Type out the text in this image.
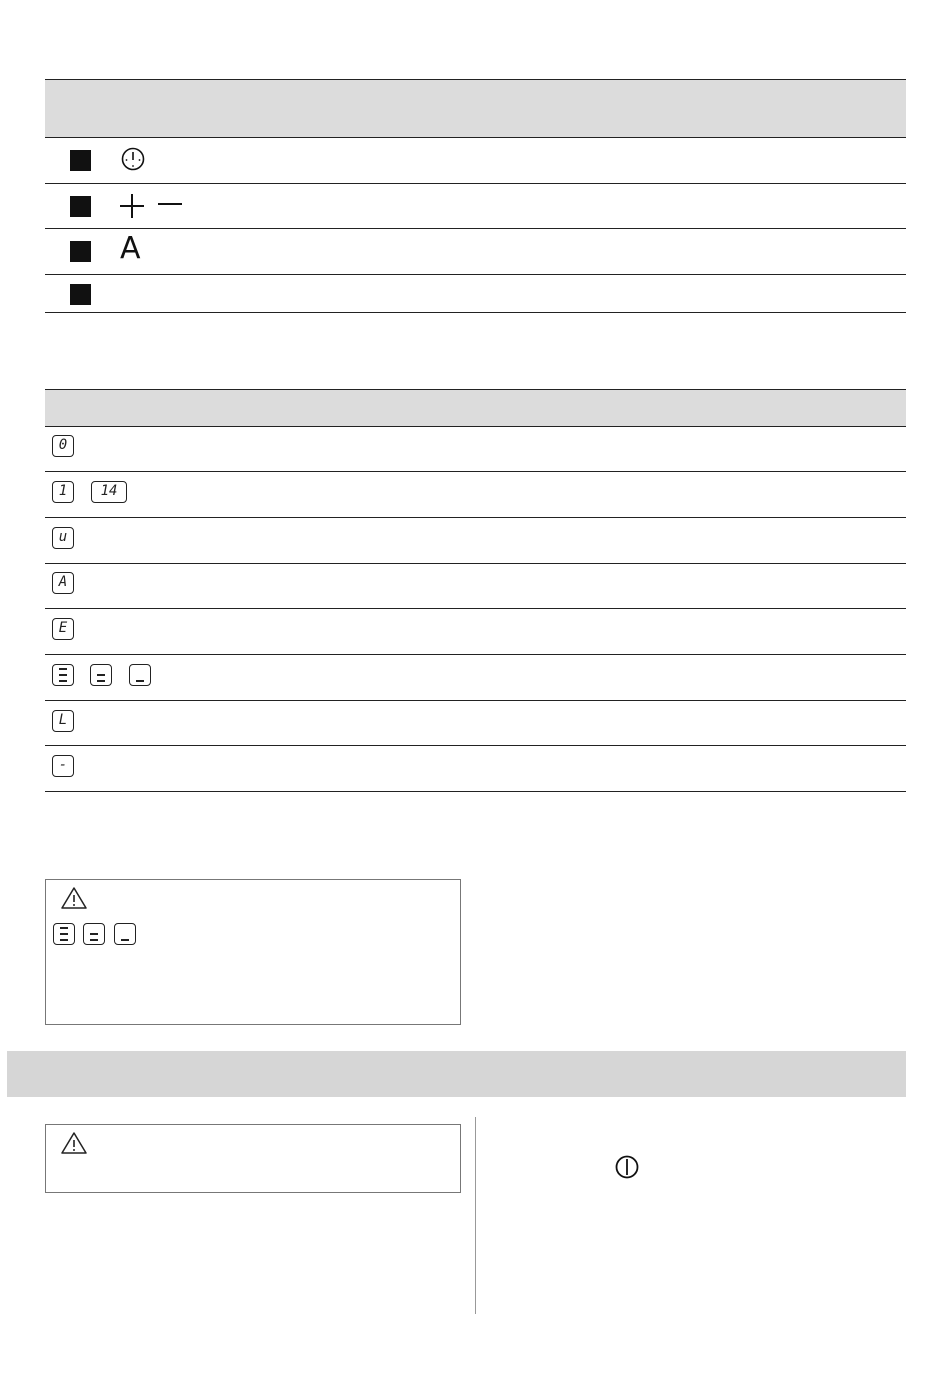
A
0
1	14
u
A
E
L
-
